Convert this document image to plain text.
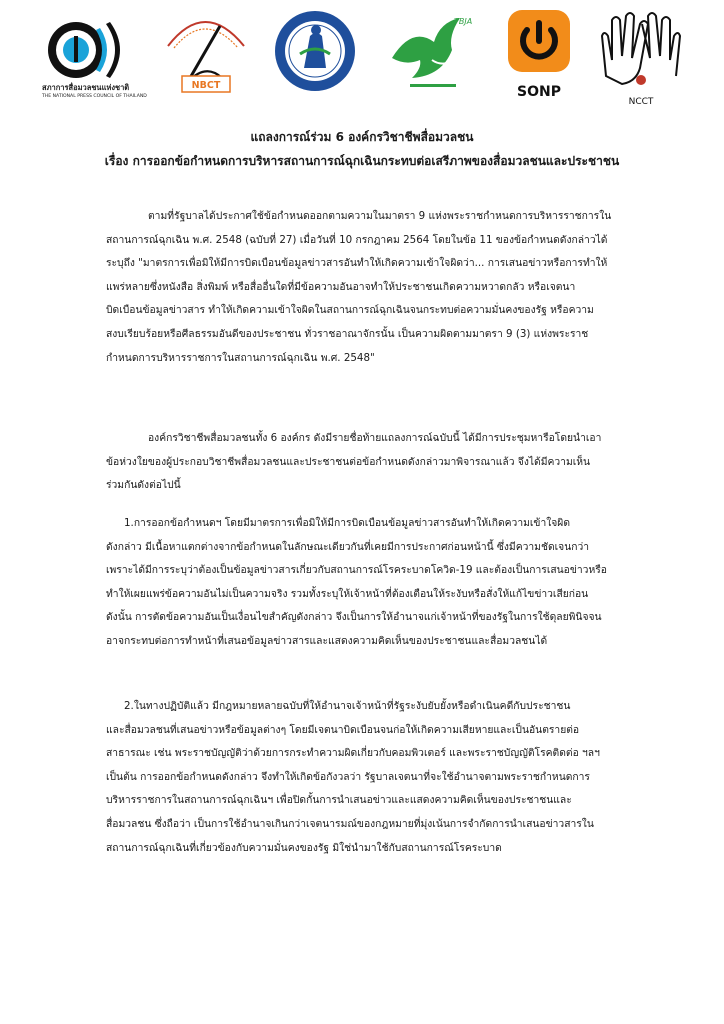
สภาการสื่อมวลชนแห่งชาติ
THE NATIONAL PRESS COUNCIL OF THAILAND
NBCT
TBJA
SONP
NCCT
แถลงการณ์ร่วม 6 องค์กรวิชาชีพสื่อมวลชน
เรื่อง การออกข้อกำหนดการบริหารสถานการณ์ฉุกเฉินกระทบต่อเสรีภาพของสื่อมวลชนและประชาชน
ตามที่รัฐบาลได้ประกาศใช้ข้อกำหนดออกตามความในมาตรา 9 แห่งพระราชกำหนดการบริหารราชการใน
สถานการณ์ฉุกเฉิน พ.ศ. 2548 (ฉบับที่ 27) เมื่อวันที่ 10 กรกฎาคม 2564 โดยในข้อ 11 ของข้อกำหนดดังกล่าวได้
ระบุถึง "มาตรการเพื่อมิให้มีการบิดเบือนข้อมูลข่าวสารอันทำให้เกิดความเข้าใจผิดว่า... การเสนอข่าวหรือการทำให้
แพร่หลายซึ่งหนังสือ สิ่งพิมพ์ หรือสื่ออื่นใดที่มีข้อความอันอาจทำให้ประชาชนเกิดความหวาดกลัว หรือเจตนา
บิดเบือนข้อมูลข่าวสาร ทำให้เกิดความเข้าใจผิดในสถานการณ์ฉุกเฉินจนกระทบต่อความมั่นคงของรัฐ หรือความ
สงบเรียบร้อยหรือศีลธรรมอันดีของประชาชน ทั่วราชอาณาจักรนั้น เป็นความผิดตามมาตรา 9 (3) แห่งพระราช
กำหนดการบริหารราชการในสถานการณ์ฉุกเฉิน พ.ศ. 2548"
องค์กรวิชาชีพสื่อมวลชนทั้ง 6 องค์กร ดังมีรายชื่อท้ายแถลงการณ์ฉบับนี้ ได้มีการประชุมหารือโดยนำเอา
ข้อห่วงใยของผู้ประกอบวิชาชีพสื่อมวลชนและประชาชนต่อข้อกำหนดดังกล่าวมาพิจารณาแล้ว จึงได้มีความเห็น
ร่วมกันดังต่อไปนี้
1.การออกข้อกำหนดฯ โดยมีมาตรการเพื่อมิให้มีการบิดเบือนข้อมูลข่าวสารอันทำให้เกิดความเข้าใจผิด
ดังกล่าว มีเนื้อหาแตกต่างจากข้อกำหนดในลักษณะเดียวกันที่เคยมีการประกาศก่อนหน้านี้ ซึ่งมีความชัดเจนกว่า
เพราะได้มีการระบุว่าต้องเป็นข้อมูลข่าวสารเกี่ยวกับสถานการณ์โรคระบาดโควิด-19 และต้องเป็นการเสนอข่าวหรือ
ทำให้เผยแพร่ข้อความอันไม่เป็นความจริง รวมทั้งระบุให้เจ้าหน้าที่ต้องเตือนให้ระงับหรือสั่งให้แก้ไขข่าวเสียก่อน
ดังนั้น การตัดข้อความอันเป็นเงื่อนไขสำคัญดังกล่าว จึงเป็นการให้อำนาจแก่เจ้าหน้าที่ของรัฐในการใช้ดุลยพินิจจน
อาจกระทบต่อการทำหน้าที่เสนอข้อมูลข่าวสารและแสดงความคิดเห็นของประชาชนและสื่อมวลชนได้
2.ในทางปฏิบัติแล้ว มีกฎหมายหลายฉบับที่ให้อำนาจเจ้าหน้าที่รัฐระงับยับยั้งหรือดำเนินคดีกับประชาชน
และสื่อมวลชนที่เสนอข่าวหรือข้อมูลต่างๆ โดยมีเจตนาบิดเบือนจนก่อให้เกิดความเสียหายและเป็นอันตรายต่อ
สาธารณะ เช่น พระราชบัญญัติว่าด้วยการกระทำความผิดเกี่ยวกับคอมพิวเตอร์ และพระราชบัญญัติโรคติดต่อ ฯลฯ
เป็นต้น การออกข้อกำหนดดังกล่าว จึงทำให้เกิดข้อกังวลว่า รัฐบาลเจตนาที่จะใช้อำนาจตามพระราชกำหนดการ
บริหารราชการในสถานการณ์ฉุกเฉินฯ เพื่อปิดกั้นการนำเสนอข่าวและแสดงความคิดเห็นของประชาชนและ
สื่อมวลชน ซึ่งถือว่า เป็นการใช้อำนาจเกินกว่าเจตนารมณ์ของกฎหมายที่มุ่งเน้นการจำกัดการนำเสนอข่าวสารใน
สถานการณ์ฉุกเฉินที่เกี่ยวข้องกับความมั่นคงของรัฐ มิใช่นำมาใช้กับสถานการณ์โรคระบาด
